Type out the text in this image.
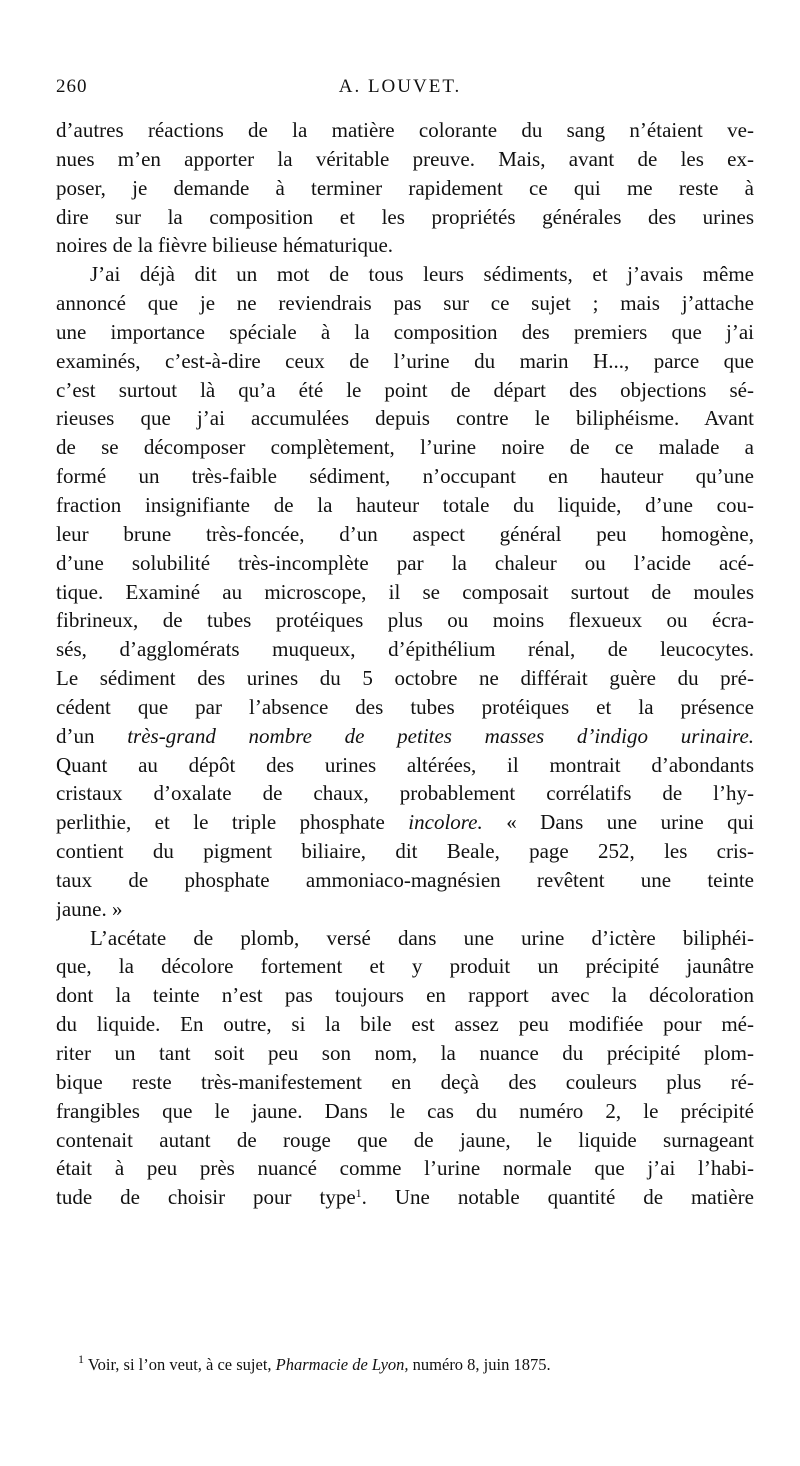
260	A. LOUVET.
d’autres réactions de la matière colorante du sang n’étaient ve-
nues m’en apporter la véritable preuve. Mais, avant de les ex-
poser, je demande à terminer rapidement ce qui me reste à
dire sur la composition et les propriétés générales des urines
noires de la fièvre bilieuse hématurique.
J’ai déjà dit un mot de tous leurs sédiments, et j’avais même
annoncé que je ne reviendrais pas sur ce sujet ; mais j’attache
une importance spéciale à la composition des premiers que j’ai
examinés, c’est-à-dire ceux de l’urine du marin H..., parce que
c’est surtout là qu’a été le point de départ des objections sé-
rieuses que j’ai accumulées depuis contre le biliphéisme. Avant
de se décomposer complètement, l’urine noire de ce malade a
formé un très-faible sédiment, n’occupant en hauteur qu’une
fraction insignifiante de la hauteur totale du liquide, d’une cou-
leur brune très-foncée, d’un aspect général peu homogène,
d’une solubilité très-incomplète par la chaleur ou l’acide acé-
tique. Examiné au microscope, il se composait surtout de moules
fibrineux, de tubes protéiques plus ou moins flexueux ou écra-
sés, d’agglomérats muqueux, d’épithélium rénal, de leucocytes.
Le sédiment des urines du 5 octobre ne différait guère du pré-
cédent que par l’absence des tubes protéiques et la présence
d’un très-grand nombre de petites masses d’indigo urinaire.
Quant au dépôt des urines altérées, il montrait d’abondants
cristaux d’oxalate de chaux, probablement corrélatifs de l’hy-
perlithie, et le triple phosphate incolore. « Dans une urine qui
contient du pigment biliaire, dit Beale, page 252, les cris-
taux de phosphate ammoniaco-magnésien revêtent une teinte
jaune. »
L’acétate de plomb, versé dans une urine d’ictère biliphéi-
que, la décolore fortement et y produit un précipité jaunâtre
dont la teinte n’est pas toujours en rapport avec la décoloration
du liquide. En outre, si la bile est assez peu modifiée pour mé-
riter un tant soit peu son nom, la nuance du précipité plom-
bique reste très-manifestement en deçà des couleurs plus ré-
frangibles que le jaune. Dans le cas du numéro 2, le précipité
contenait autant de rouge que de jaune, le liquide surnageant
était à peu près nuancé comme l’urine normale que j’ai l’habi-
tude de choisir pour type$^1$. Une notable quantité de matière
$^1$ Voir, si l’on veut, à ce sujet, Pharmacie de Lyon, numéro 8, juin 1875.
